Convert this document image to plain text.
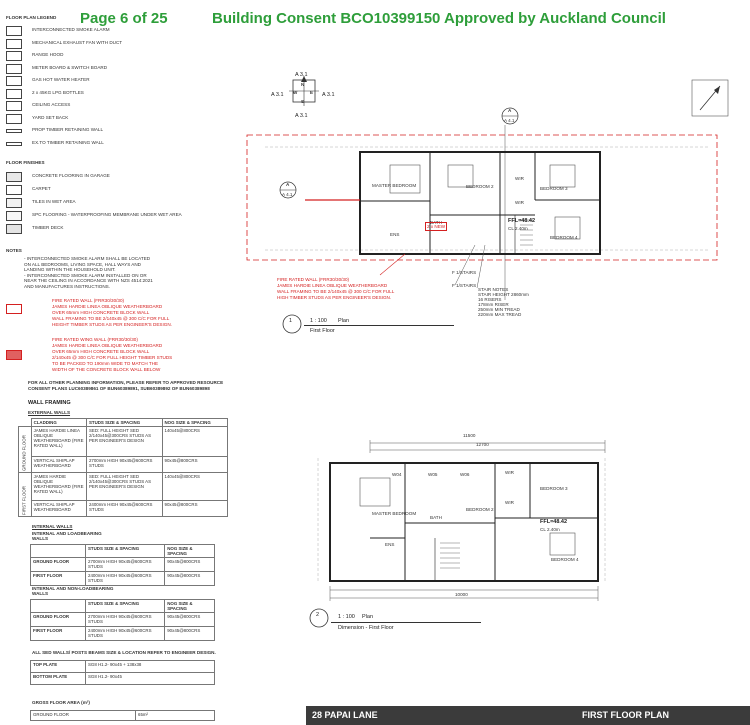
Page 6 of 25	Building Consent BCO10399150 Approved by Auckland Council
FLOOR PLAN LEGEND
INTERCONNECTED SMOKE ALARM
MECHANICAL EXHAUST FAN WITH DUCT
RANGE HOOD
METER BOARD & SWITCH BOARD
GAS HOT WATER HEATER
2 x 45KG LPG BOTTLES
CEILING ACCESS
YARD SET BACK
PROP TIMBER RETAINING WALL
EX.TO TIMBER RETAINING WALL
FLOOR FINISHES
CONCRETE FLOORING IN GARAGE
CARPET
TILES IN WET AREA
SPC FLOORING - WATERPROOFING MEMBRANE UNDER WET AREA
TIMBER DECK
NOTES
- INTERCONNECTED SMOKE ALARM SHALL BE LOCATED
ON ALL BEDROOMS, LIVING SPACE, HALL WAYS AND
LANDING WITHIN THE HOUSEHOLD UNIT.
- INTERCONNECTED SMOKE ALARM INSTALLED ON OR
NEAR THE CEILING IN ACCORDANCE WITH NZS 4514:2021
AND MANUFACTURES INSTRUCTIONS.
FIRE RATED WALL (FRR30/30/30)
JAMES HARDIE LINEA OBLIQUE WEATHERBOARD
OVER 65mm HIGH CONCRETE BLOCK WALL
WALL FRAMING TO BE 2/140x45 @ 300 C/C FOR FULL
HEIGHT TIMBER STUDS AS PER ENGINEER'S DESIGN.
FIRE RATED WING WALL (FRR30/30/30)
JAMES HARDIE LINEA OBLIQUE WEATHERBOARD
OVER 65mm HIGH CONCRETE BLOCK WALL
2/140x45 @ 300 C/C FOR FULL HEIGHT TIMBER STUDS
TO BE PACKED TO 190mm WIDE TO MATCH THE
WIDTH OF THE CONCRETE BLOCK WALL BELOW
FOR ALL OTHER PLANNING INFORMATION, PLEASE REFER TO APPROVED RESOURCE
CONSENT PLANS LUC60389861 OF BUN60389891, SUB60389892 OF BUN60389898
WALL FRAMING
EXTERNAL WALLS
	CLADDING	STUDS SIZE & SPACING	NOG SIZE & SPACING
GROUND FLOOR	JAMES HARDIE LINEA OBLIQUE WEATHERBOARD (FIRE RATED WALL)	SED: FULL HEIGHT SED 2/140x45@300CRS STUDS AS PER ENGINEER'S DESIGN	140x45@800CRS
	VERTICAL SHIPLAP WEATHERBOARD	2700mm HIGH 90x45@600CRS STUDS	90x45@800CRS
FIRST FLOOR	JAMES HARDIE OBLIQUE WEATHERBOARD (FIRE RATED WALL)	SED: FULL HEIGHT SED 2/140x45@300CRS STUDS AS PER ENGINEER'S DESIGN	140x45@800CRS
	VERTICAL SHIPLAP WEATHERBOARD	2400mm HIGH 90x45@600CRS STUDS	90x45@800CRS
INTERNAL WALLS
INTERNAL AND LOADBEARING WALLS
	STUDS SIZE & SPACING	NOG SIZE & SPACING
GROUND FLOOR	2700mm HIGH 90x45@600CRS STUDS	90x45@800CRS
FIRST FLOOR	2400mm HIGH 90x45@600CRS STUDS	90x45@800CRS
INTERNAL AND NON-LOADBEARING WALLS
	STUDS SIZE & SPACING	NOG SIZE & SPACING
GROUND FLOOR	2700mm HIGH 90x45@600CRS STUDS	90x45@800CRS
FIRST FLOOR	2400mm HIGH 90x45@600CRS STUDS	90x45@800CRS
ALL SED WALLS/ POSTS BEAMS SIZE & LOCATION REFER TO ENGINEER DESIGN.
TOP PLATE	SG8 H1.2- 90x45 + 138x38
BOTTOM PLATE	SG8 H1.2- 90x45
GROSS FLOOR AREA (m²)
GROUND FLOOR	65m²
N
S
E
W
A 3.1
A 3.1	A 3.1
A 3.1
A
A 4.1
A
A 4.1
MASTER BEDROOM	BEDROOM 2	BEDROOM 3
BEDROOM 4
BATH
ENS
WIR
WIR
FFL=48.42
CL 2.40m
2 x NEW
F 1/STAIRS
F 1/STAIRS
STAIR NOTES
STAIR HEIGHT 2860mm
16 RISERS
178mm RISER
250mm MIN TREAD
220mm MAX TREAD
FIRE RATED WALL (FRR30/30/30)
JAMES HARDIE LINEA OBLIQUE WEATHERBOARD
WALL FRAMING TO BE 2/140x45 @ 300 C/C FOR FULL
HIGH TIMBER STUDS AS PER ENGINEER'S DESIGN.
1	1 : 100 Plan
First Floor
11500
12700
W04	W05	W06
MASTER BEDROOM
BEDROOM 2
BEDROOM 3
BEDROOM 4
BATH
ENS
WIR
WIR
FFL=48.42
CL 2.40m
10000
2	1 : 100 Plan
Dimension - First Floor
28 PAPAI LANE	FIRST FLOOR PLAN
